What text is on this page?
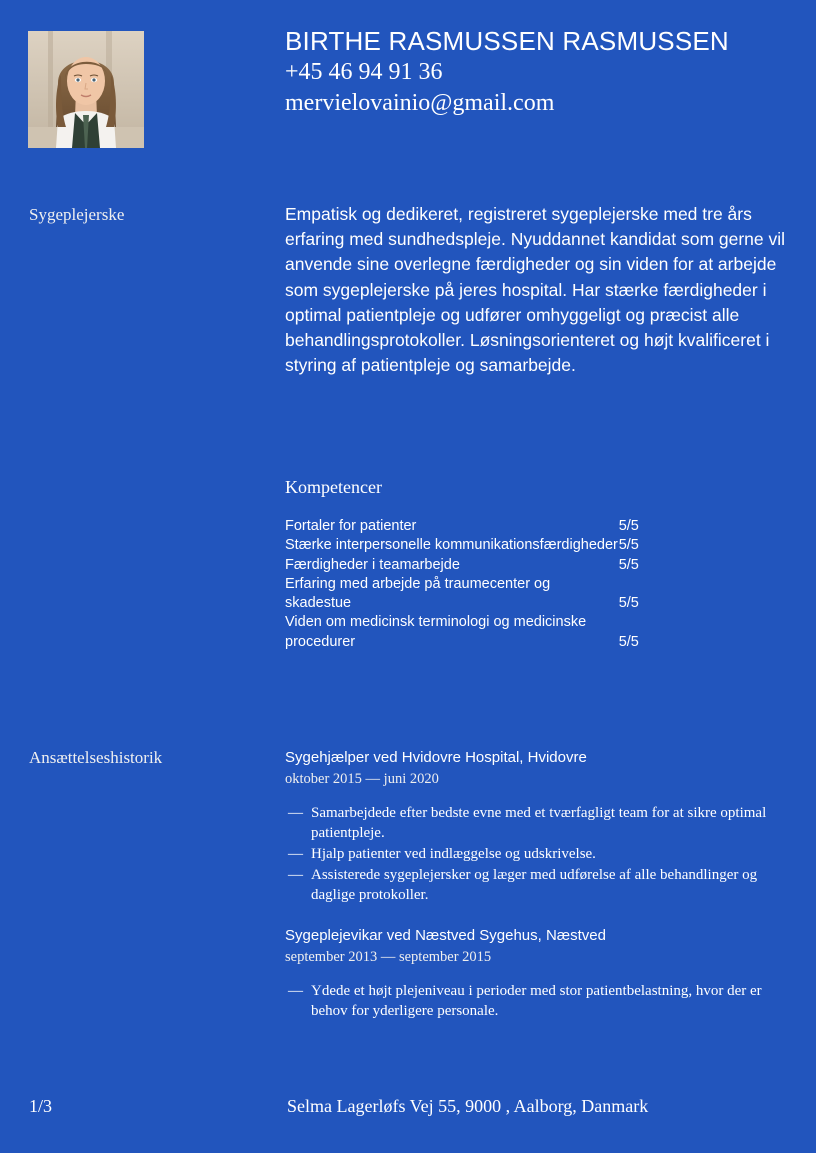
BIRTHE RASMUSSEN RASMUSSEN
+45 46 94 91 36
mervielovainio@gmail.com
Sygeplejerske	Empatisk og dedikeret, registreret sygeplejerske med tre års erfaring med sundhedspleje. Nyuddannet kandidat som gerne vil anvende sine overlegne færdigheder og sin viden for at arbejde som sygeplejerske på jeres hospital. Har stærke færdigheder i optimal patientpleje og udfører omhyggeligt og præcist alle behandlingsprotokoller. Løsningsorienteret og højt kvalificeret i styring af patientpleje og samarbejde.

Kompetencer
Fortaler for patienter	5/5
Stærke interpersonelle kommunikationsfærdigheder	5/5
Færdigheder i teamarbejde	5/5
Erfaring med arbejde på traumecenter og skadestue	5/5
Viden om medicinsk terminologi og medicinske procedurer	5/5
Ansættelseshistorik	Sygehjælper ved Hvidovre Hospital, Hvidovre
oktober 2015 — juni 2020
— Samarbejdede efter bedste evne med et tværfagligt team for at sikre optimal patientpleje.
— Hjalp patienter ved indlæggelse og udskrivelse.
— Assisterede sygeplejersker og læger med udførelse af alle behandlinger og daglige protokoller.
Sygeplejevikar ved Næstved Sygehus, Næstved
september 2013 — september 2015
— Ydede et højt plejeniveau i perioder med stor patientbelastning, hvor der er behov for yderligere personale.
1/3	Selma Lagerløfs Vej 55, 9000 , Aalborg, Danmark
